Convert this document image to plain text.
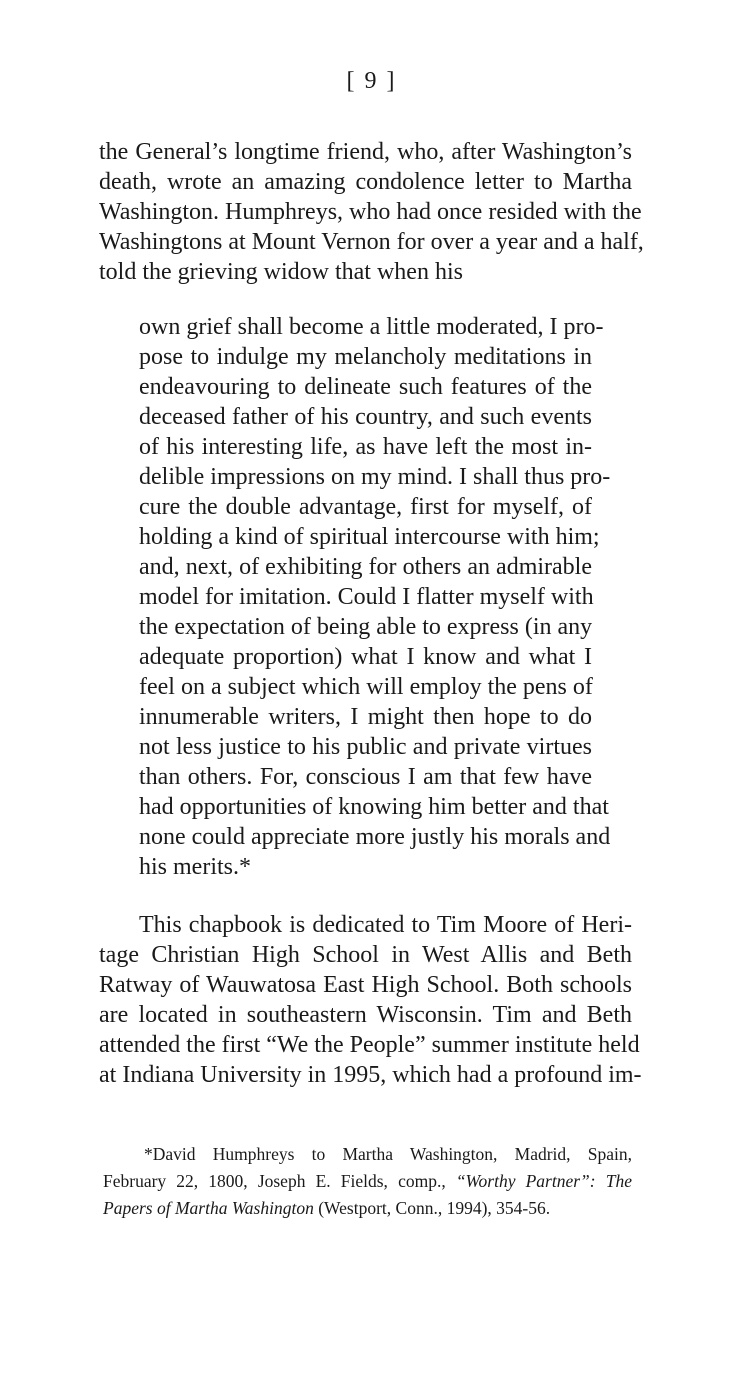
[ 9 ]
the General’s longtime friend, who, after Washington’s
death, wrote an amazing condolence letter to Martha
Washington. Humphreys, who had once resided with the
Washingtons at Mount Vernon for over a year and a half,
told the grieving widow that when his
own grief shall become a little moderated, I pro-
pose to indulge my melancholy meditations in
endeavouring to delineate such features of the
deceased father of his country, and such events
of his interesting life, as have left the most in-
delible impressions on my mind. I shall thus pro-
cure the double advantage, first for myself, of
holding a kind of spiritual intercourse with him;
and, next, of exhibiting for others an admirable
model for imitation. Could I flatter myself with
the expectation of being able to express (in any
adequate proportion) what I know and what I
feel on a subject which will employ the pens of
innumerable writers, I might then hope to do
not less justice to his public and private virtues
than others. For, conscious I am that few have
had opportunities of knowing him better and that
none could appreciate more justly his morals and
his merits.*
This chapbook is dedicated to Tim Moore of Heri-
tage Christian High School in West Allis and Beth
Ratway of Wauwatosa East High School. Both schools
are located in southeastern Wisconsin. Tim and Beth
attended the first “We the People” summer institute held
at Indiana University in 1995, which had a profound im-
*David Humphreys to Martha Washington, Madrid, Spain,
February 22, 1800, Joseph E. Fields, comp., “Worthy Partner”: The
Papers of Martha Washington (Westport, Conn., 1994), 354-56.
